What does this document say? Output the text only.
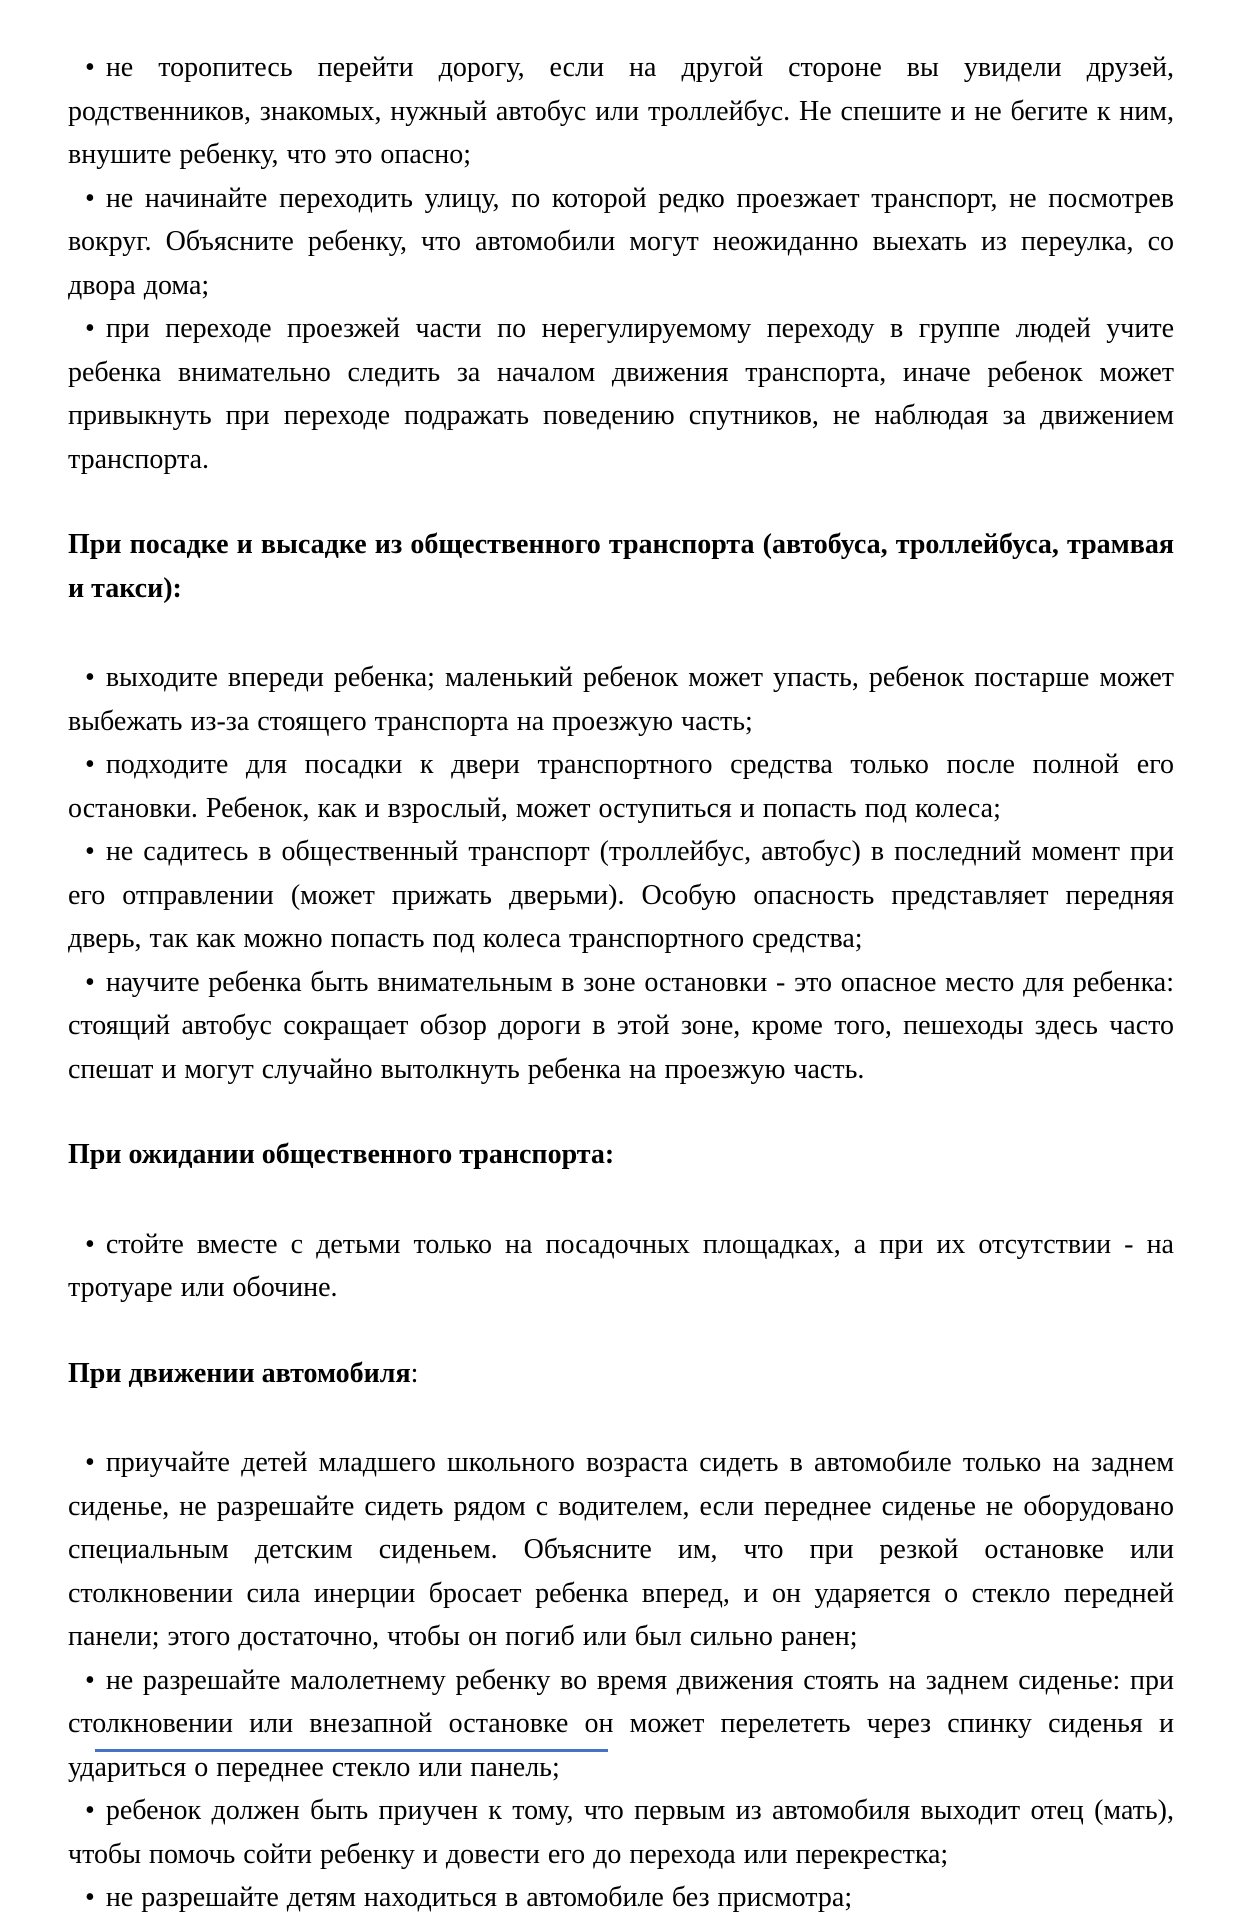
• не торопитесь перейти дорогу, если на другой стороне вы увидели друзей, родственников, знакомых, нужный автобус или троллейбус. Не спешите и не бегите к ним, внушите ребенку, что это опасно;

• не начинайте переходить улицу, по которой редко проезжает транспорт, не посмотрев вокруг. Объясните ребенку, что автомобили могут неожиданно выехать из переулка, со двора дома;

• при переходе проезжей части по нерегулируемому переходу в группе людей учите ребенка внимательно следить за началом движения транспорта, иначе ребенок может привыкнуть при переходе подражать поведению спутников, не наблюдая за движением транспорта.

При посадке и высадке из общественного транспорта (автобуса, троллейбуса, трамвая и такси):

• выходите впереди ребенка; маленький ребенок может упасть, ребенок постарше может выбежать из-за стоящего транспорта на проезжую часть;

• подходите для посадки к двери транспортного средства только после полной его остановки. Ребенок, как и взрослый, может оступиться и попасть под колеса;

• не садитесь в общественный транспорт (троллейбус, автобус) в последний момент при его отправлении (может прижать дверьми). Особую опасность представляет передняя дверь, так как можно попасть под колеса транспортного средства;

• научите ребенка быть внимательным в зоне остановки - это опасное место для ребенка: стоящий автобус сокращает обзор дороги в этой зоне, кроме того, пешеходы здесь часто спешат и могут случайно вытолкнуть ребенка на проезжую часть.

При ожидании общественного транспорта:

• стойте вместе с детьми только на посадочных площадках, а при их отсутствии - на тротуаре или обочине.

При движении автомобиля:

• приучайте детей младшего школьного возраста сидеть в автомобиле только на заднем сиденье, не разрешайте сидеть рядом с водителем, если переднее сиденье не оборудовано специальным детским сиденьем. Объясните им, что при резкой остановке или столкновении сила инерции бросает ребенка вперед, и он ударяется о стекло передней панели; этого достаточно, чтобы он погиб или был сильно ранен;

• не разрешайте малолетнему ребенку во время движения стоять на заднем сиденье: при столкновении или внезапной остановке он может перелететь через спинку сиденья и удариться о переднее стекло или панель;

• ребенок должен быть приучен к тому, что первым из автомобиля выходит отец (мать), чтобы помочь сойти ребенку и довести его до перехода или перекрестка;

• не разрешайте детям находиться в автомобиле без присмотра;
